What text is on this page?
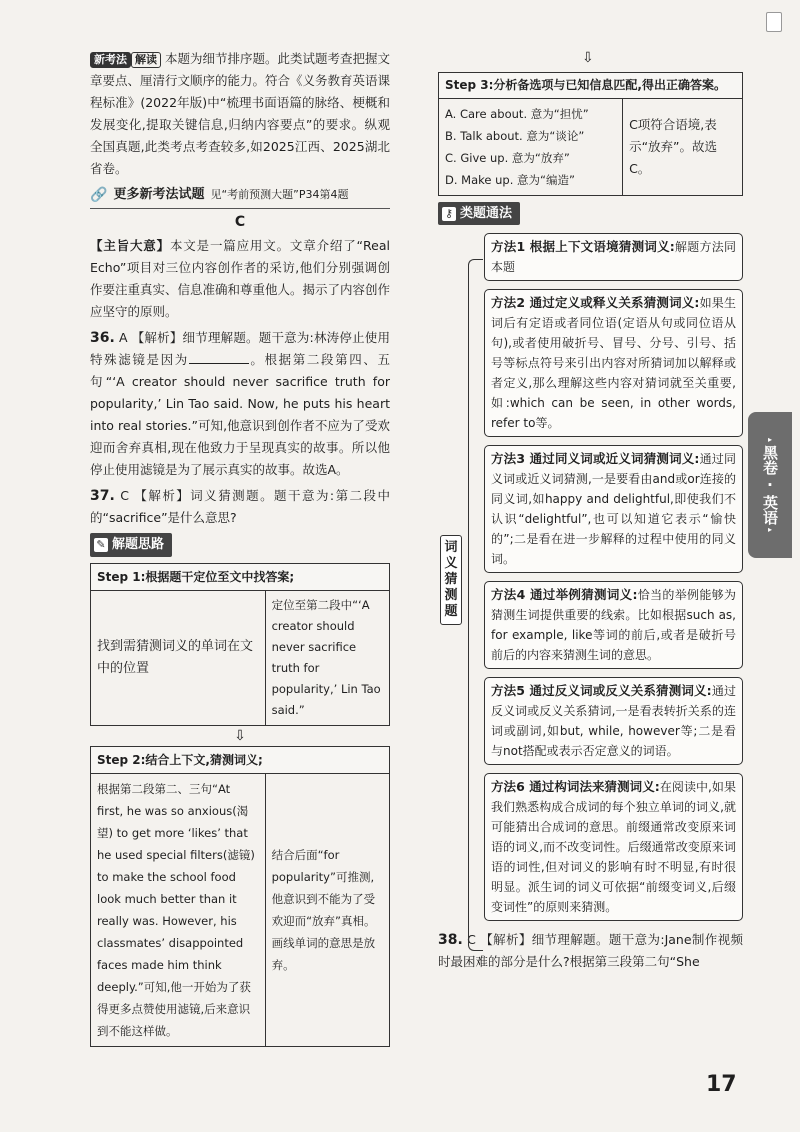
新考法 解读 本题为细节排序题。此类试题考查把握文章要点、厘清行文顺序的能力。符合《义务教育英语课程标准》(2022年版)中“梳理书面语篇的脉络、梗概和发展变化,提取关键信息,归纳内容要点”的要求。纵观全国真题,此类考点考查较多,如2025江西、2025湖北省卷。

🔗 更多新考法试题 见“考前预测大题”P34第4题
C

【主旨大意】本文是一篇应用文。文章介绍了“Real Echo”项目对三位内容创作者的采访,他们分别强调创作要注重真实、信息准确和尊重他人。揭示了内容创作应坚守的原则。

36. A 【解析】细节理解题。题干意为:林涛停止使用特殊滤镜是因为	。根据第二段第四、五句“‘A creator should never sacrifice truth for popularity,’ Lin Tao said. Now, he puts his heart into real stories.”可知,他意识到创作者不应为了受欢迎而舍弃真相,现在他致力于呈现真实的故事。所以他停止使用滤镜是为了展示真实的故事。故选A。

37. C 【解析】词义猜测题。题干意为:第二段中的“sacrifice”是什么意思?

✎ 解题思路
Step 1:根据题干定位至文中找答案;
找到需猜测词义的单词在文中的位置
定位至第二段中“‘A creator should never sacrifice truth for popularity,’ Lin Tao said.”
⇩
Step 2:结合上下文,猜测词义;
根据第二段第二、三句“At first, he was so anxious(渴望) to get more ‘likes’ that he used special filters(滤镜) to make the school food look much better than it really was. However, his classmates’ disappointed faces made him think deeply.”可知,他一开始为了获得更多点赞使用滤镜,后来意识到不能这样做。
结合后面“for popularity”可推测,他意识到不能为了受欢迎而“放弃”真相。画线单词的意思是放弃。
⇩
Step 3:分析备选项与已知信息匹配,得出正确答案。
A. Care about. 意为“担忧”
B. Talk about. 意为“谈论”
C. Give up. 意为“放弃”
D. Make up. 意为“编造”
C项符合语境,表示“放弃”。故选C。
⚷ 类题通法
词义猜测题
方法1 根据上下文语境猜测词义:解题方法同本题
方法2 通过定义或释义关系猜测词义:如果生词后有定语或者同位语(定语从句或同位语从句),或者使用破折号、冒号、分号、引号、括号等标点符号来引出内容对所猜词加以解释或者定义,那么理解这些内容对猜词就至关重要,如:which can be seen, in other words, refer to等。
方法3 通过同义词或近义词猜测词义:通过同义词或近义词猜测,一是要看由and或or连接的同义词,如happy and delightful,即使我们不认识“delightful”,也可以知道它表示“愉快的”;二是看在进一步解释的过程中使用的同义词。
方法4 通过举例猜测词义:恰当的举例能够为猜测生词提供重要的线索。比如根据such as, for example, like等词的前后,或者是破折号前后的内容来猜测生词的意思。
方法5 通过反义词或反义关系猜测词义:通过反义词或反义关系猜词,一是看表转折关系的连词或副词,如but, while, however等;二是看与not搭配或表示否定意义的词语。
方法6 通过构词法来猜测词义:在阅读中,如果我们熟悉构成合成词的每个独立单词的词义,就可能猜出合成词的意思。前缀通常改变原来词语的词义,而不改变词性。后缀通常改变原来词语的词性,但对词义的影响有时不明显,有时很明显。派生词的词义可依据“前缀变词义,后缀变词性”的原则来猜测。

38. C 【解析】细节理解题。题干意为:Jane制作视频时最困难的部分是什么?根据第三段第二句“She

▸
黑卷
·
英语
▸
17
